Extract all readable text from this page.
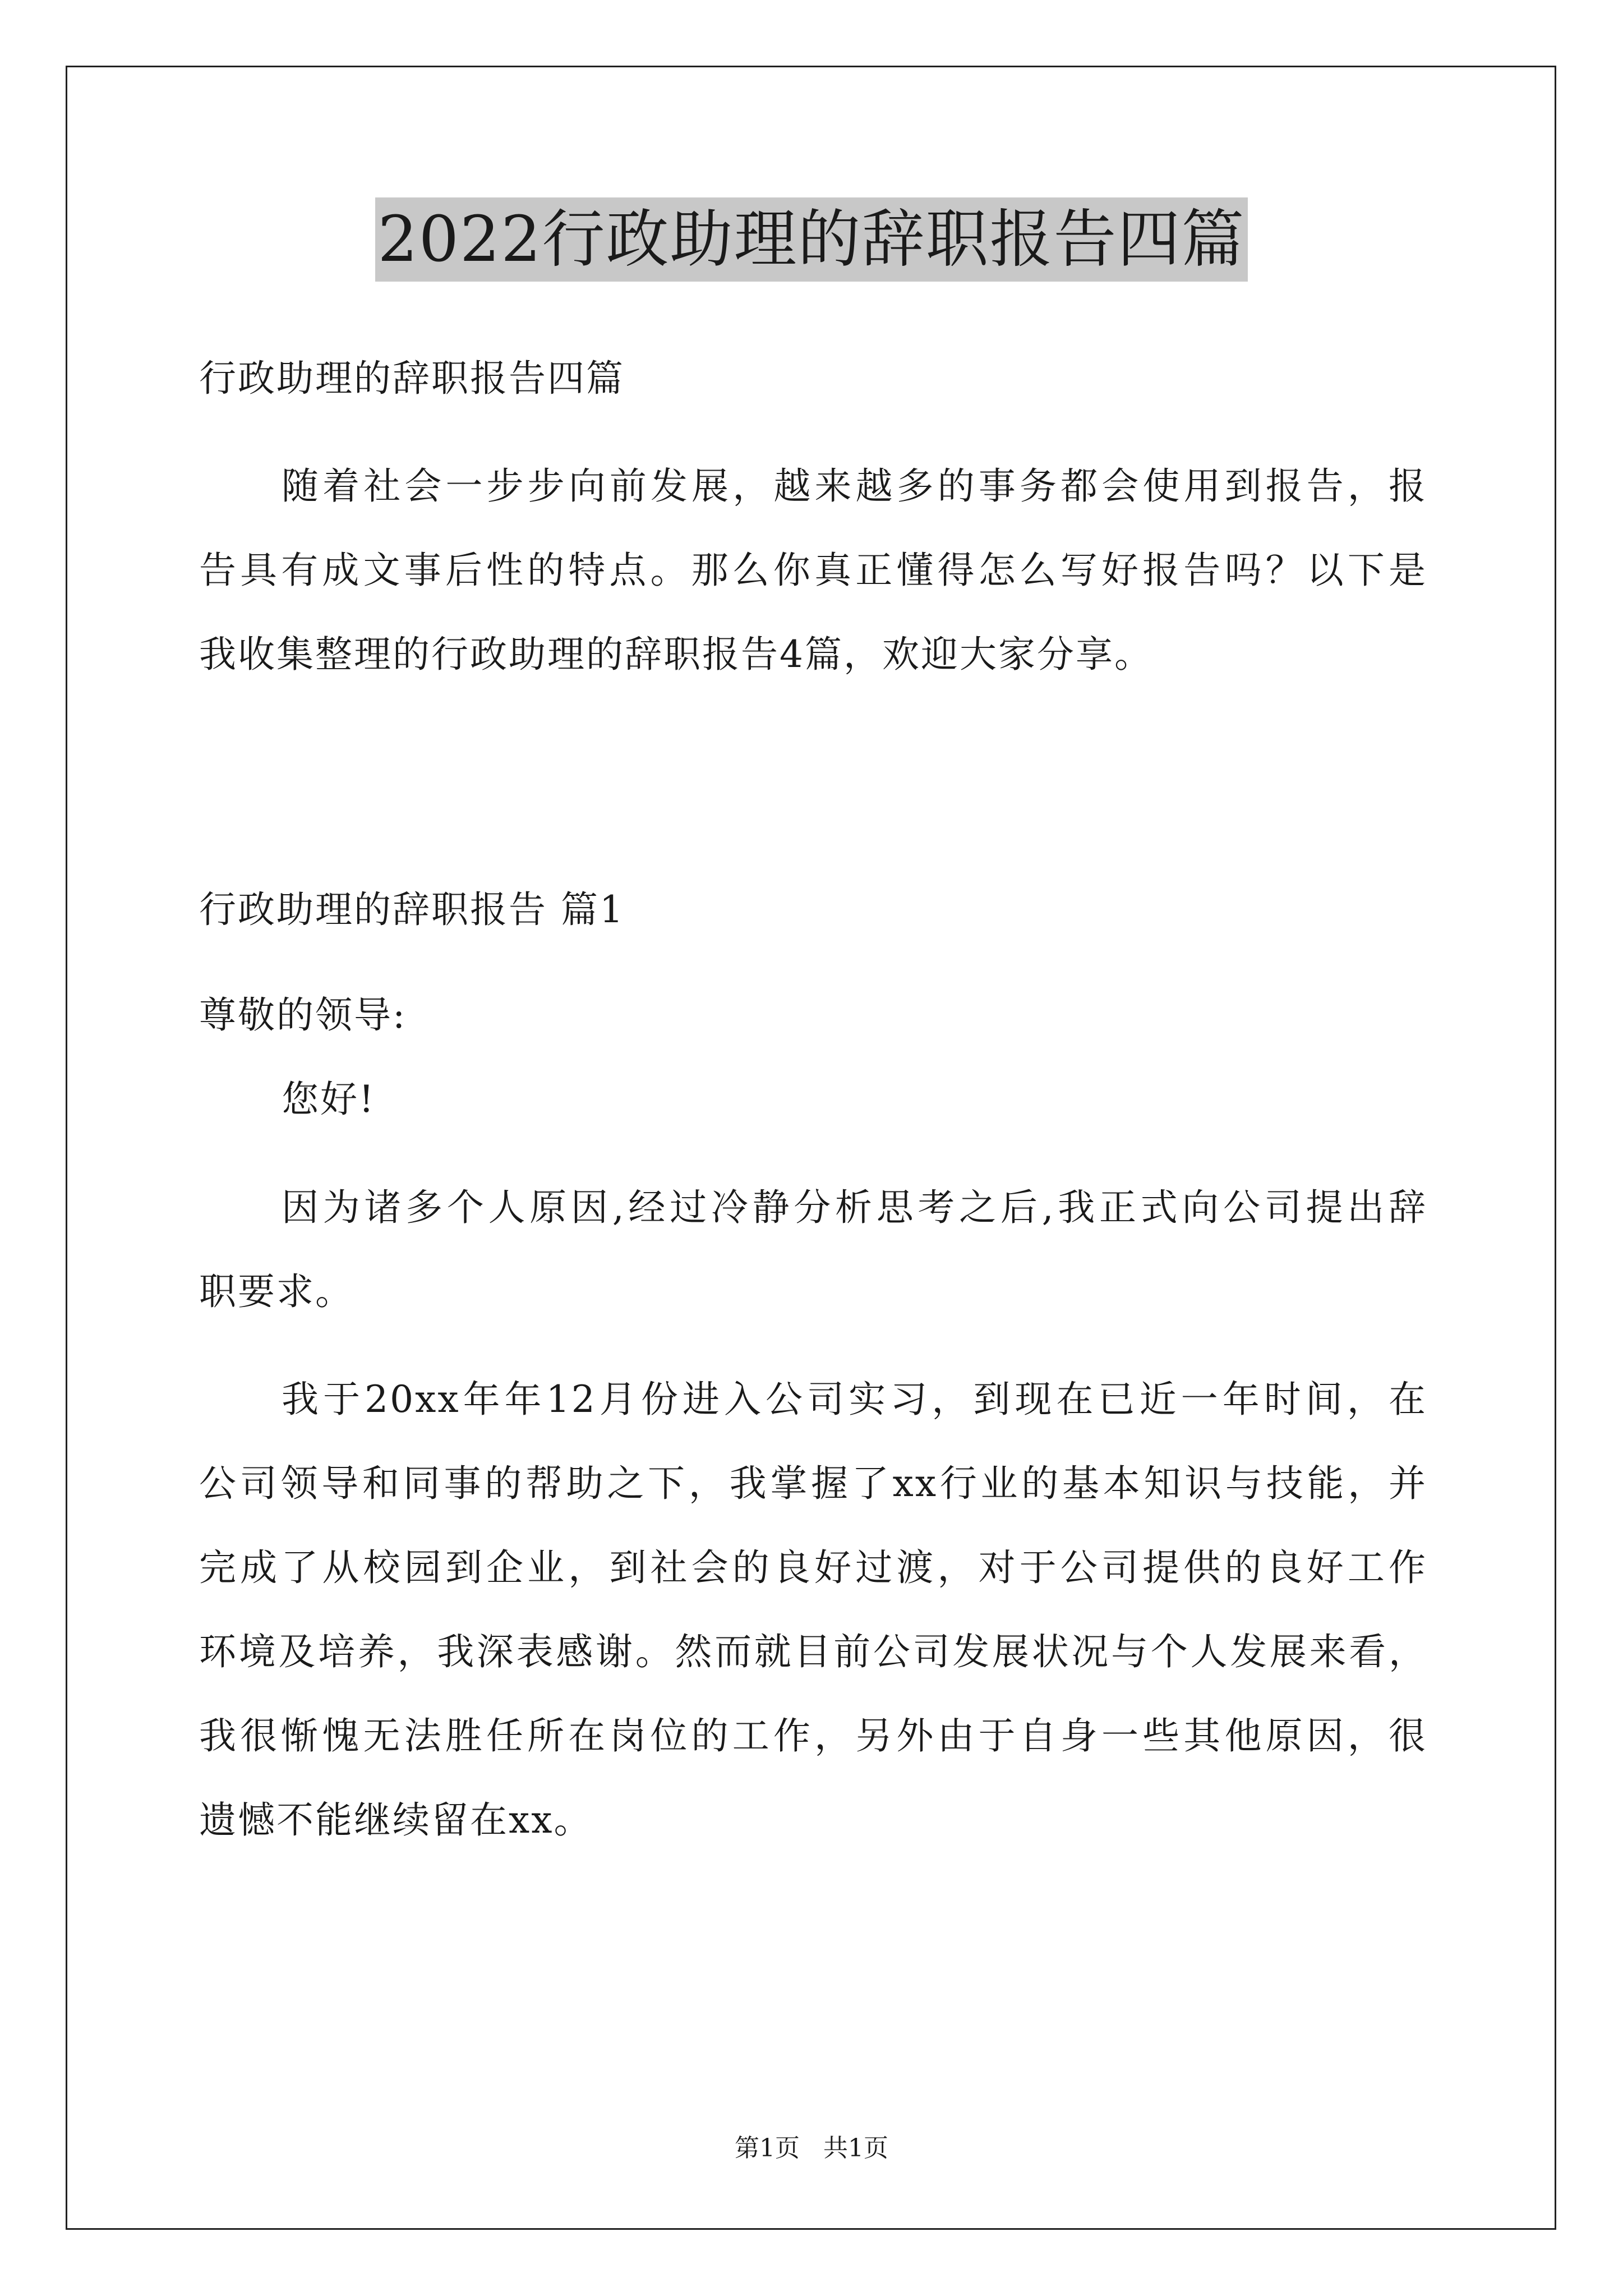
2022行政助理的辞职报告四篇
行政助理的辞职报告四篇
随着社会一步步向前发展，越来越多的事务都会使用到报告，报
告具有成文事后性的特点。那么你真正懂得怎么写好报告吗？以下是
我收集整理的行政助理的辞职报告4篇，欢迎大家分享。
行政助理的辞职报告 篇1
尊敬的领导:
您好!
因为诸多个人原因,经过冷静分析思考之后,我正式向公司提出辞
职要求。
我于20xx年年12月份进入公司实习，到现在已近一年时间，在
公司领导和同事的帮助之下，我掌握了xx行业的基本知识与技能，并
完成了从校园到企业，到社会的良好过渡，对于公司提供的良好工作
环境及培养，我深表感谢。然而就目前公司发展状况与个人发展来看，
我很惭愧无法胜任所在岗位的工作，另外由于自身一些其他原因，很
遗憾不能继续留在xx。
第1页   共1页
